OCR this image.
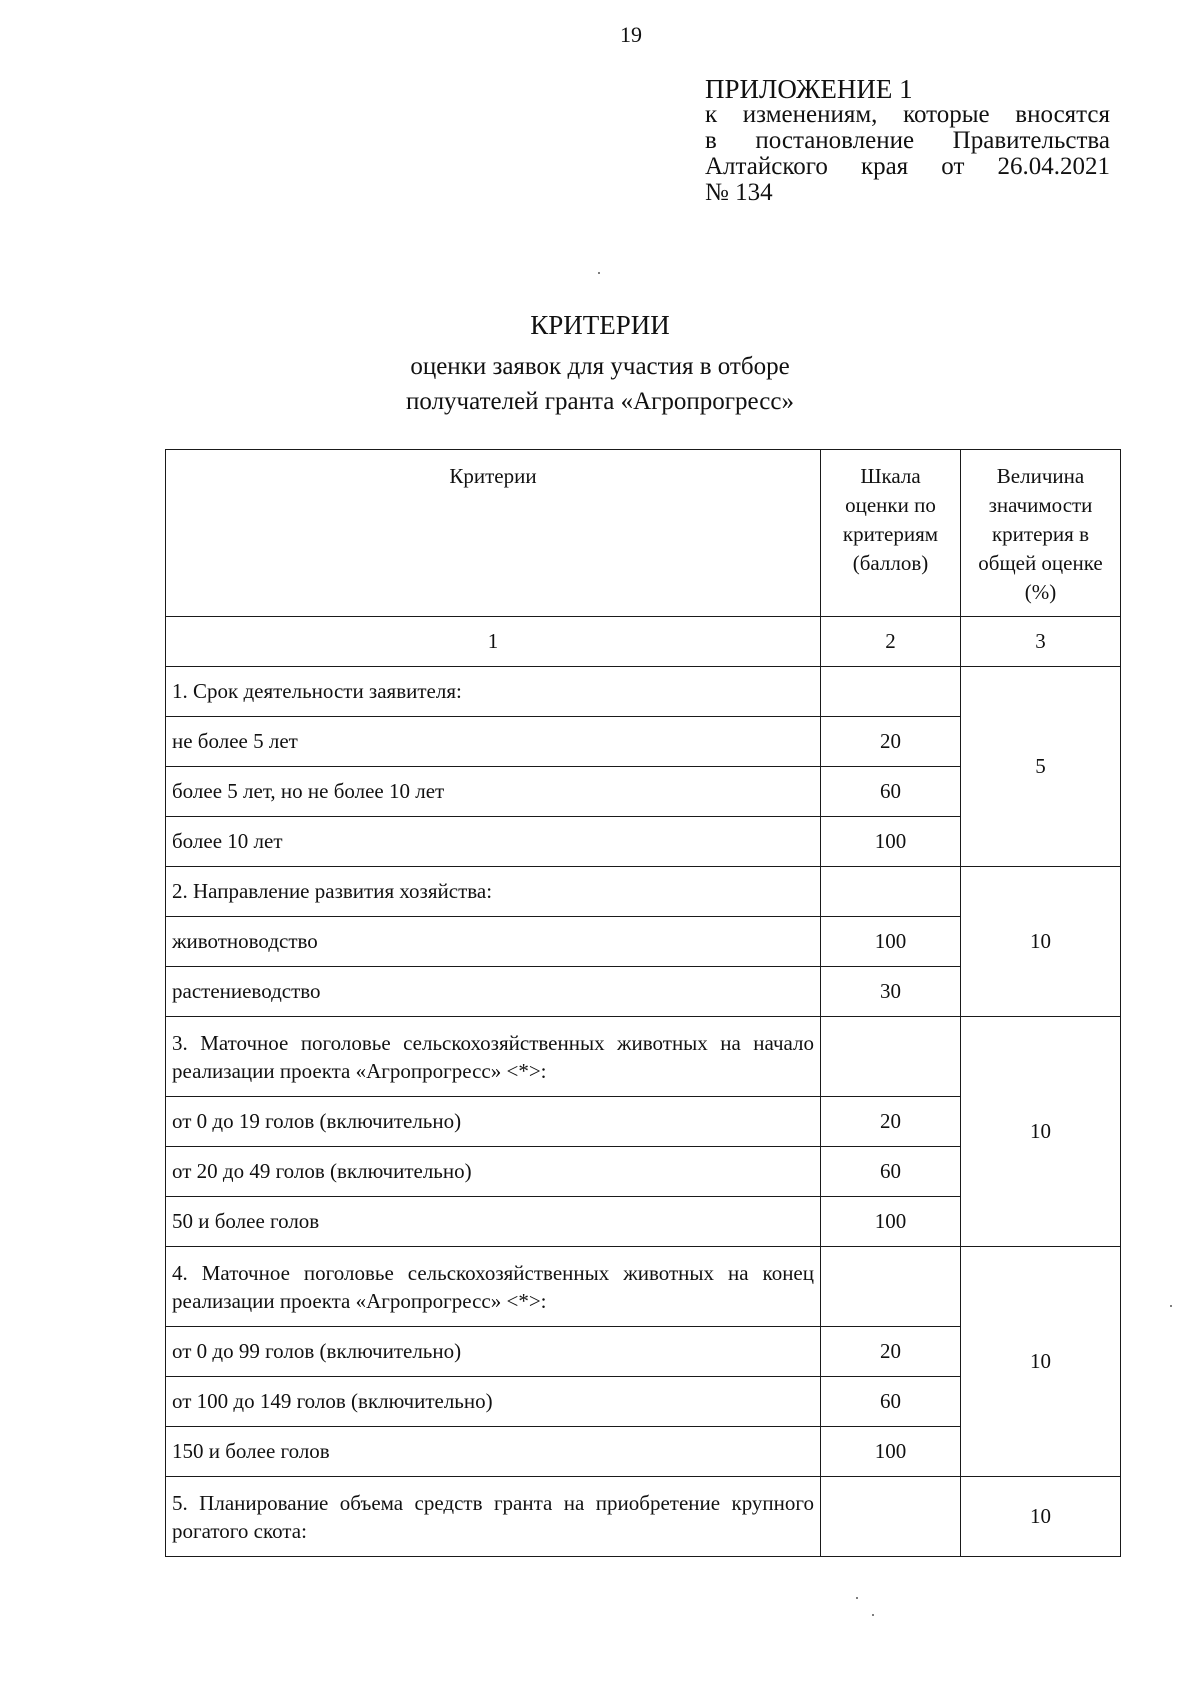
19
ПРИЛОЖЕНИЕ 1
к изменениям, которые вносятся
в постановление Правительства
Алтайского края от 26.04.2021
№ 134
КРИТЕРИИ
оценки заявок для участия в отборе
получателей гранта «Агропрогресс»
Критерии	Шкала оценки по критериям (баллов)	Величина значимости критерия в общей оценке (%)
1	2	3
1. Срок деятельности заявителя:		5
не более 5 лет	20	
более 5 лет, но не более 10 лет	60	
более 10 лет	100	
2. Направление развития хозяйства:		10
животноводство	100	
растениеводство	30	
3. Маточное поголовье сельскохозяйственных животных на начало реализации проекта «Агропрогресс» <*>:		10
от 0 до 19 голов (включительно)	20	
от 20 до 49 голов (включительно)	60	
50 и более голов	100	
4. Маточное поголовье сельскохозяйственных животных на конец реализации проекта «Агропрогресс» <*>:		10
от 0 до 99 голов (включительно)	20	
от 100 до 149 голов (включительно)	60	
150 и более голов	100	
5. Планирование объема средств гранта на приобретение крупного рогатого скота:		10
